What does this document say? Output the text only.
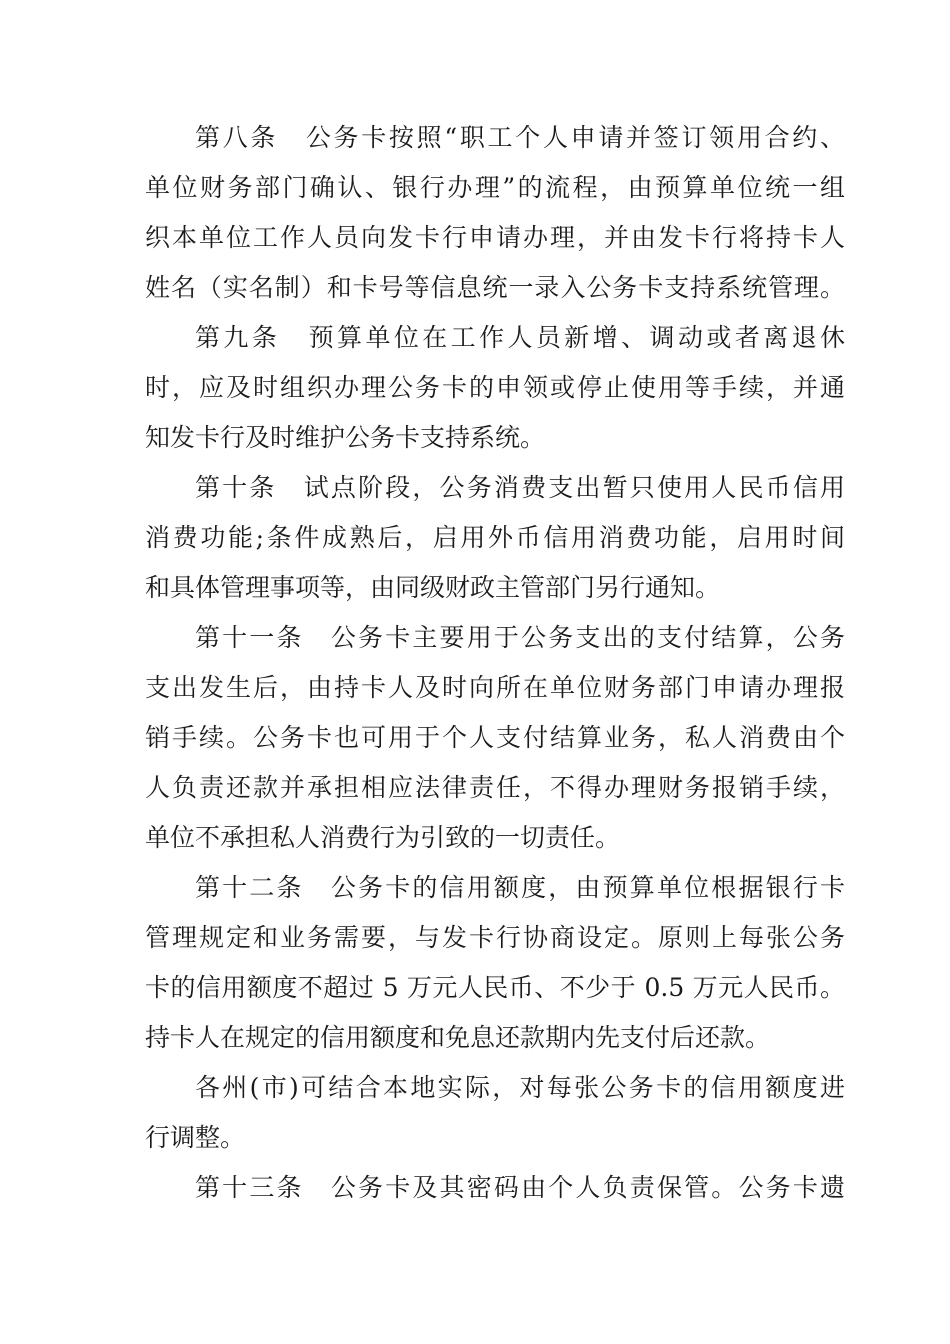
第八条　公务卡按照“职工个人申请并签订领用合约、
单位财务部门确认、银行办理”的流程，由预算单位统一组
织本单位工作人员向发卡行申请办理，并由发卡行将持卡人
姓名（实名制）和卡号等信息统一录入公务卡支持系统管理。
第九条　预算单位在工作人员新增、调动或者离退休
时，应及时组织办理公务卡的申领或停止使用等手续，并通
知发卡行及时维护公务卡支持系统。
第十条　试点阶段，公务消费支出暂只使用人民币信用
消费功能;条件成熟后，启用外币信用消费功能，启用时间
和具体管理事项等，由同级财政主管部门另行通知。
第十一条　公务卡主要用于公务支出的支付结算，公务
支出发生后，由持卡人及时向所在单位财务部门申请办理报
销手续。公务卡也可用于个人支付结算业务，私人消费由个
人负责还款并承担相应法律责任，不得办理财务报销手续，
单位不承担私人消费行为引致的一切责任。
第十二条　公务卡的信用额度，由预算单位根据银行卡
管理规定和业务需要，与发卡行协商设定。原则上每张公务
卡的信用额度不超过 5 万元人民币、不少于 0.5 万元人民币。
持卡人在规定的信用额度和免息还款期内先支付后还款。
各州(市)可结合本地实际，对每张公务卡的信用额度进
行调整。
第十三条　公务卡及其密码由个人负责保管。公务卡遗
